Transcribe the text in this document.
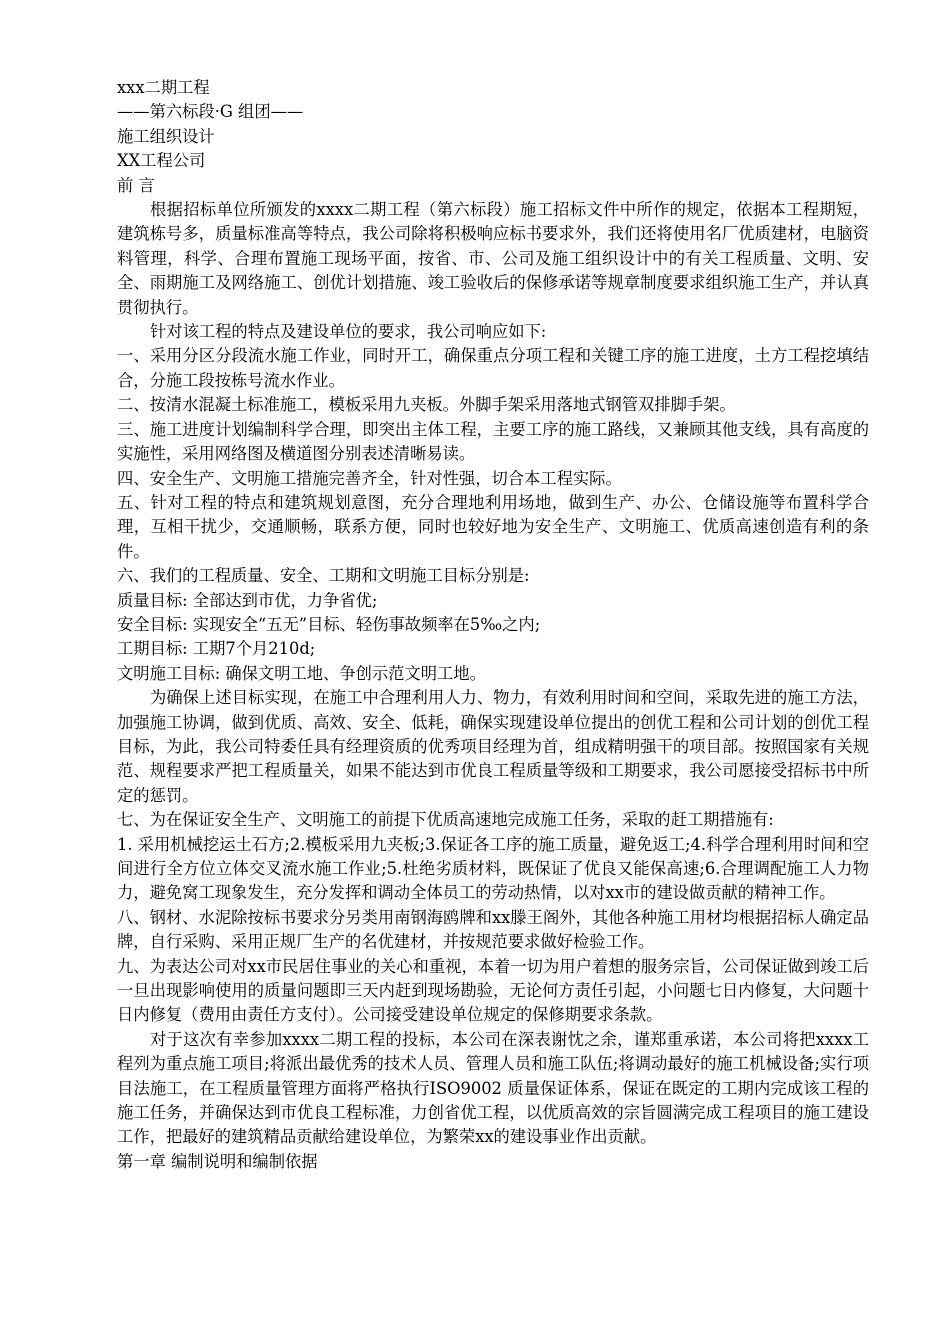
xxx二期工程

——第六标段·G 组团——

施工组织设计

XX工程公司

前 言

根据招标单位所颁发的xxxx二期工程（第六标段）施工招标文件中所作的规定，依据本工程期短，建筑栋号多，质量标准高等特点，我公司除将积极响应标书要求外，我们还将使用名厂优质建材，电脑资料管理，科学、合理布置施工现场平面，按省、市、公司及施工组织设计中的有关工程质量、文明、安全、雨期施工及网络施工、创优计划措施、竣工验收后的保修承诺等规章制度要求组织施工生产，并认真贯彻执行。

针对该工程的特点及建设单位的要求，我公司响应如下:

一、采用分区分段流水施工作业，同时开工，确保重点分项工程和关键工序的施工进度，土方工程挖填结合，分施工段按栋号流水作业。

二、按清水混凝土标准施工，模板采用九夹板。外脚手架采用落地式钢管双排脚手架。

三、施工进度计划编制科学合理，即突出主体工程，主要工序的施工路线，又兼顾其他支线，具有高度的实施性，采用网络图及横道图分别表述清晰易读。

四、安全生产、文明施工措施完善齐全，针对性强，切合本工程实际。

五、针对工程的特点和建筑规划意图，充分合理地利用场地，做到生产、办公、仓储设施等布置科学合理，互相干扰少，交通顺畅，联系方便，同时也较好地为安全生产、文明施工、优质高速创造有利的条件。

六、我们的工程质量、安全、工期和文明施工目标分别是:

质量目标: 全部达到市优，力争省优;

安全目标: 实现安全“五无”目标、轻伤事故频率在5‰之内;

工期目标: 工期7个月210d;

文明施工目标: 确保文明工地、争创示范文明工地。

为确保上述目标实现，在施工中合理利用人力、物力，有效利用时间和空间，采取先进的施工方法，加强施工协调，做到优质、高效、安全、低耗，确保实现建设单位提出的创优工程和公司计划的创优工程目标，为此，我公司特委任具有经理资质的优秀项目经理为首，组成精明强干的项目部。按照国家有关规范、规程要求严把工程质量关，如果不能达到市优良工程质量等级和工期要求，我公司愿接受招标书中所定的惩罚。

七、为在保证安全生产、文明施工的前提下优质高速地完成施工任务，采取的赶工期措施有:

1. 采用机械挖运土石方;2.模板采用九夹板;3.保证各工序的施工质量，避免返工;4.科学合理利用时间和空间进行全方位立体交叉流水施工作业;5.杜绝劣质材料，既保证了优良又能保高速;6.合理调配施工人力物力，避免窝工现象发生，充分发挥和调动全体员工的劳动热情，以对xx市的建设做贡献的精神工作。

八、钢材、水泥除按标书要求分另类用南钢海鸥牌和xx滕王阁外，其他各种施工用材均根据招标人确定品牌，自行采购、采用正规厂生产的名优建材，并按规范要求做好检验工作。

九、为表达公司对xx市民居住事业的关心和重视，本着一切为用户着想的服务宗旨，公司保证做到竣工后一旦出现影响使用的质量问题即三天内赶到现场勘验，无论何方责任引起，小问题七日内修复，大问题十日内修复（费用由责任方支付）。公司接受建设单位规定的保修期要求条款。

对于这次有幸参加xxxx二期工程的投标，本公司在深表谢忱之余，谨郑重承诺，本公司将把xxxx工程列为重点施工项目;将派出最优秀的技术人员、管理人员和施工队伍;将调动最好的施工机械设备;实行项目法施工，在工程质量管理方面将严格执行ISO9002 质量保证体系，保证在既定的工期内完成该工程的施工任务，并确保达到市优良工程标准，力创省优工程，以优质高效的宗旨圆满完成工程项目的施工建设工作，把最好的建筑精品贡献给建设单位，为繁荣xx的建设事业作出贡献。

第一章 编制说明和编制依据
